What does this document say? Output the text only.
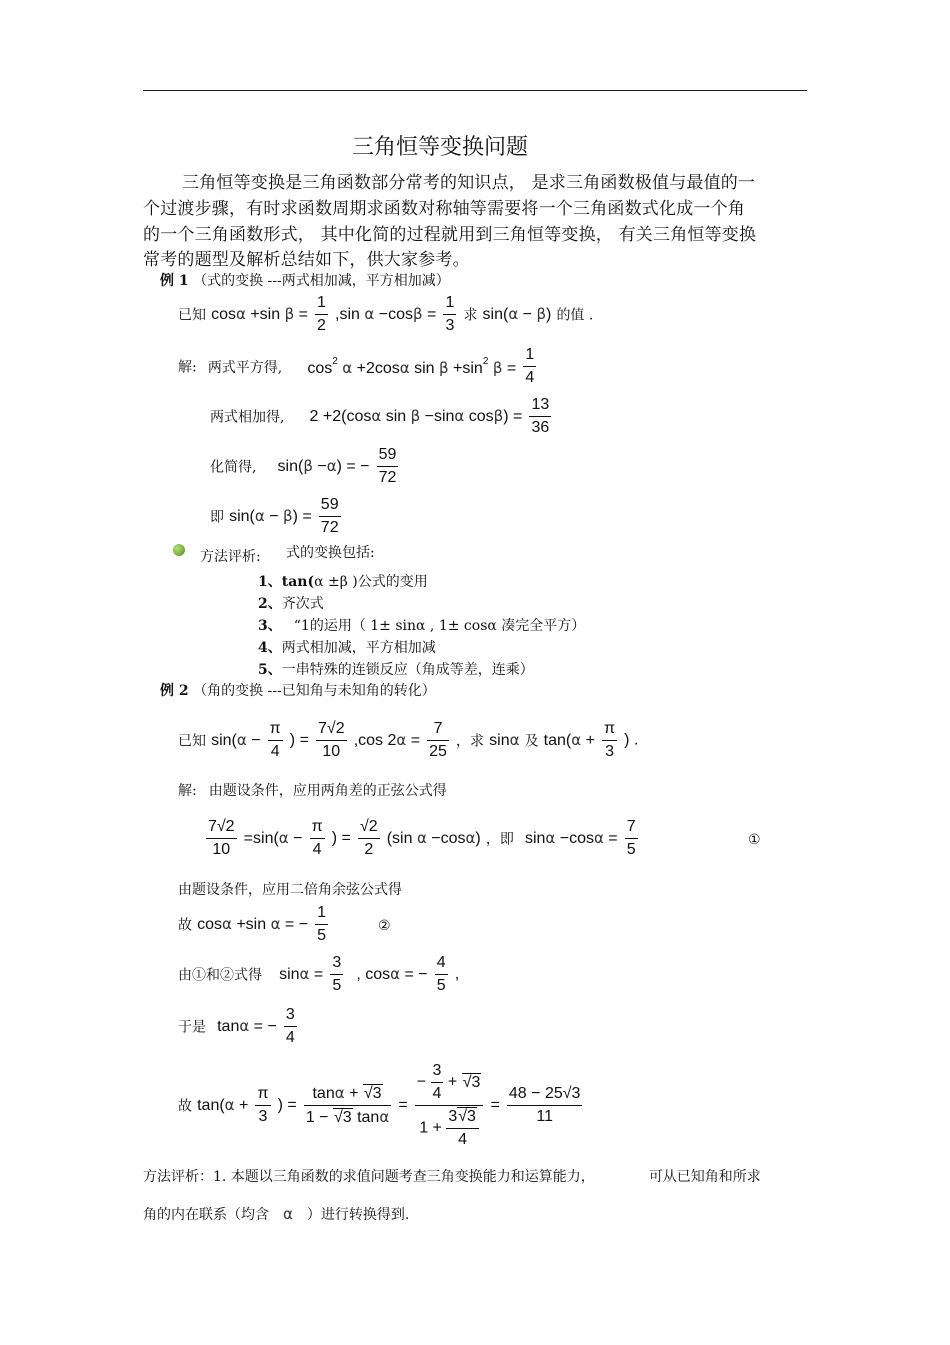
三角恒等变换问题
三角恒等变换是三角函数部分常考的知识点， 是求三角函数极值与最值的一
个过渡步骤，有时求函数周期求函数对称轴等需要将一个三角函数式化成一个角
的一个三角函数形式， 其中化简的过程就用到三角恒等变换， 有关三角恒等变换
常考的题型及解析总结如下，供大家参考。
例 1 （式的变换 ---两式相加减，平方相加减）
已知 cosα +sin $\beta = \frac{1}{2} ,\sin$ $\alpha -\cos\beta = \frac{1}{3}$ 求 sin(α − β) 的值 .
解: 两式平方得, $\cos^2 \alpha +2\cos\alpha$ $\sin \beta +\sin^2$ $\beta = \frac{1}{4}$
两式相加得, 2 +2(cosα sin β −sinα $\cos\beta) = \frac{13}{36}$
化简得, sin(β −α) = − $\frac{59}{72}$
即 $\sin(\alpha - \beta) = \frac{59}{72}$
方法评析: 式的变换包括:
1、tan(α ±β )公式的变用
2、齐次式
3、 “1的运用（ 1± sinα , 1± cosα 凑完全平方）
4、两式相加减，平方相加减
5、一串特殊的连锁反应（角成等差，连乘）
例 2 （角的变换 ---已知角与未知角的转化）
已知 $\sin(\alpha - \frac{\pi}{4}$ ) = $\frac{7√2}{10} ,\cos$ $2\alpha = \frac{7}{25}$ ，求 sinα 及 $\tan(\alpha + \frac{\pi}{3}$ ) .
解: 由题设条件，应用两角差的正弦公式得
$\frac{7√2}{10} =\sin(\alpha - \frac{\pi}{4}$ ) = $\frac{√2}{2} (\sin$ α −cosα) ，即 $\sin\alpha -\cos\alpha = \frac{7}{5}$	①
由题设条件，应用二倍角余弦公式得
故 cosα +sin α = − $\frac{1}{5}$	②
由①和②式得 $\sin\alpha = \frac{3}{5}$ , cosα = − $\frac{4}{5}$ ,
于是 tanα = − $\frac{3}{4}$
故 $\tan(\alpha + \frac{\pi}{3}$ ) = $\frac{\tan\alpha + √3}{1 - √3 \tan\alpha} = \frac{- \frac{3}{4} + √3}{1 + \frac{3√3}{4}} = \frac{48 - 25√3}{11}$
方法评析：1. 本题以三角函数的求值问题考查三角变换能力和运算能力，	可从已知角和所求
角的内在联系（均含 α ）进行转换得到.
